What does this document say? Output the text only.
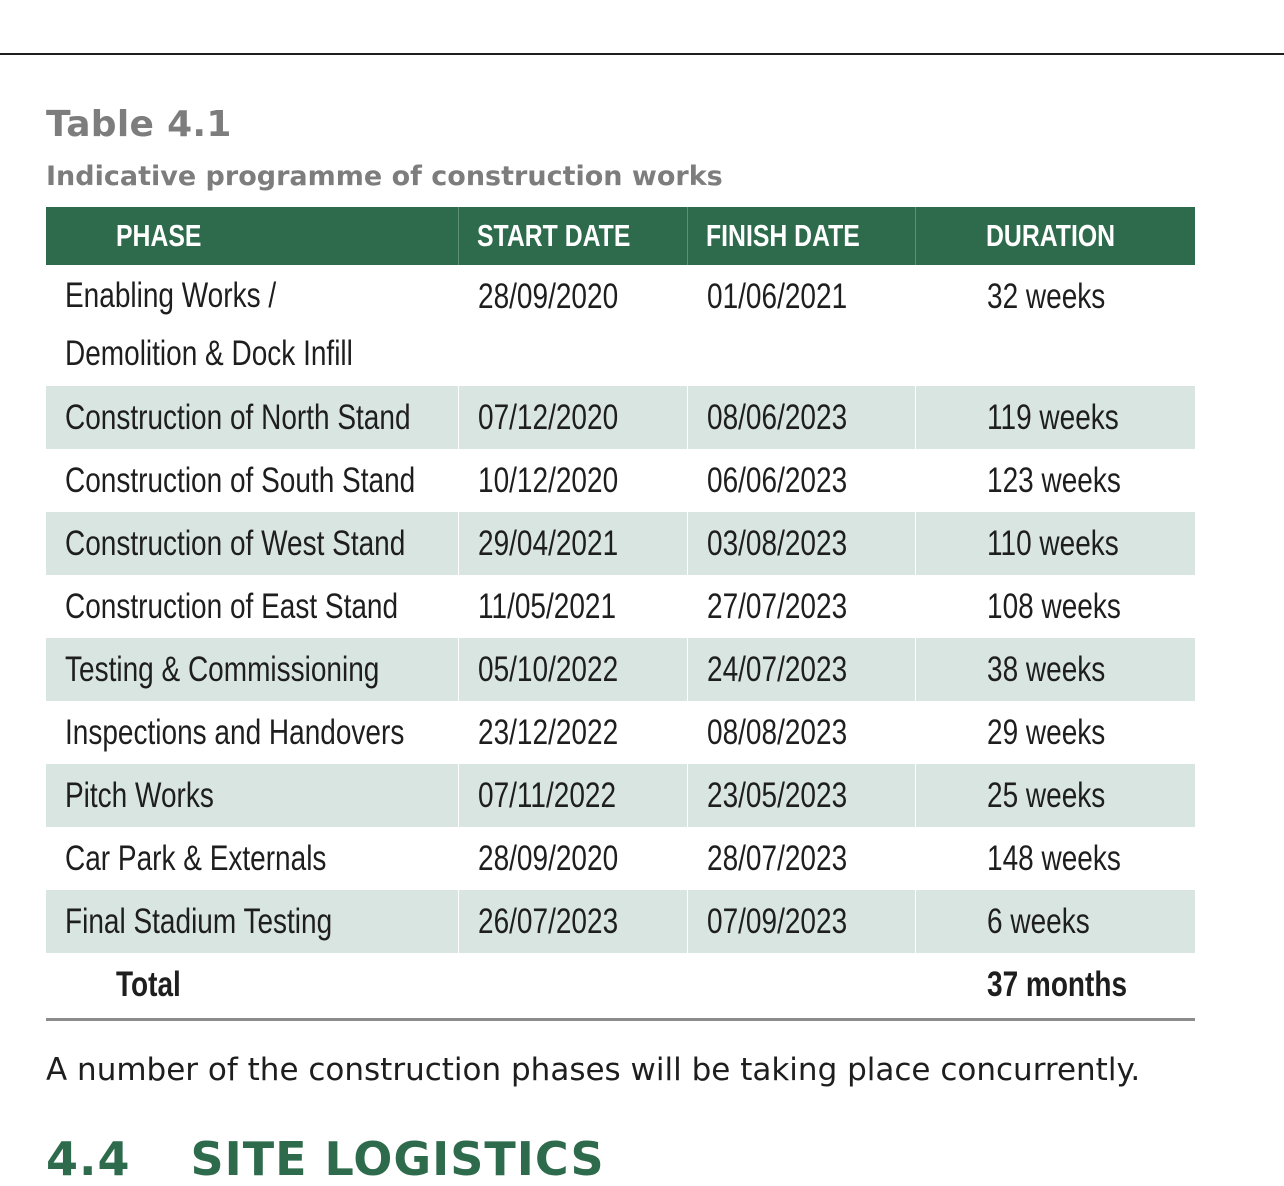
Table 4.1
Indicative programme of construction works
PHASE	START DATE	FINISH DATE	DURATION
Enabling Works /
Demolition & Dock Infill	28/09/2020	01/06/2021	32 weeks
Construction of North Stand	07/12/2020	08/06/2023	119 weeks
Construction of South Stand	10/12/2020	06/06/2023	123 weeks
Construction of West Stand	29/04/2021	03/08/2023	110 weeks
Construction of East Stand	11/05/2021	27/07/2023	108 weeks
Testing & Commissioning	05/10/2022	24/07/2023	38 weeks
Inspections and Handovers	23/12/2022	08/08/2023	29 weeks
Pitch Works	07/11/2022	23/05/2023	25 weeks
Car Park & Externals	28/09/2020	28/07/2023	148 weeks
Final Stadium Testing	26/07/2023	07/09/2023	6 weeks
Total			37 months
A number of the construction phases will be taking place concurrently.
4.4 SITE LOGISTICS
